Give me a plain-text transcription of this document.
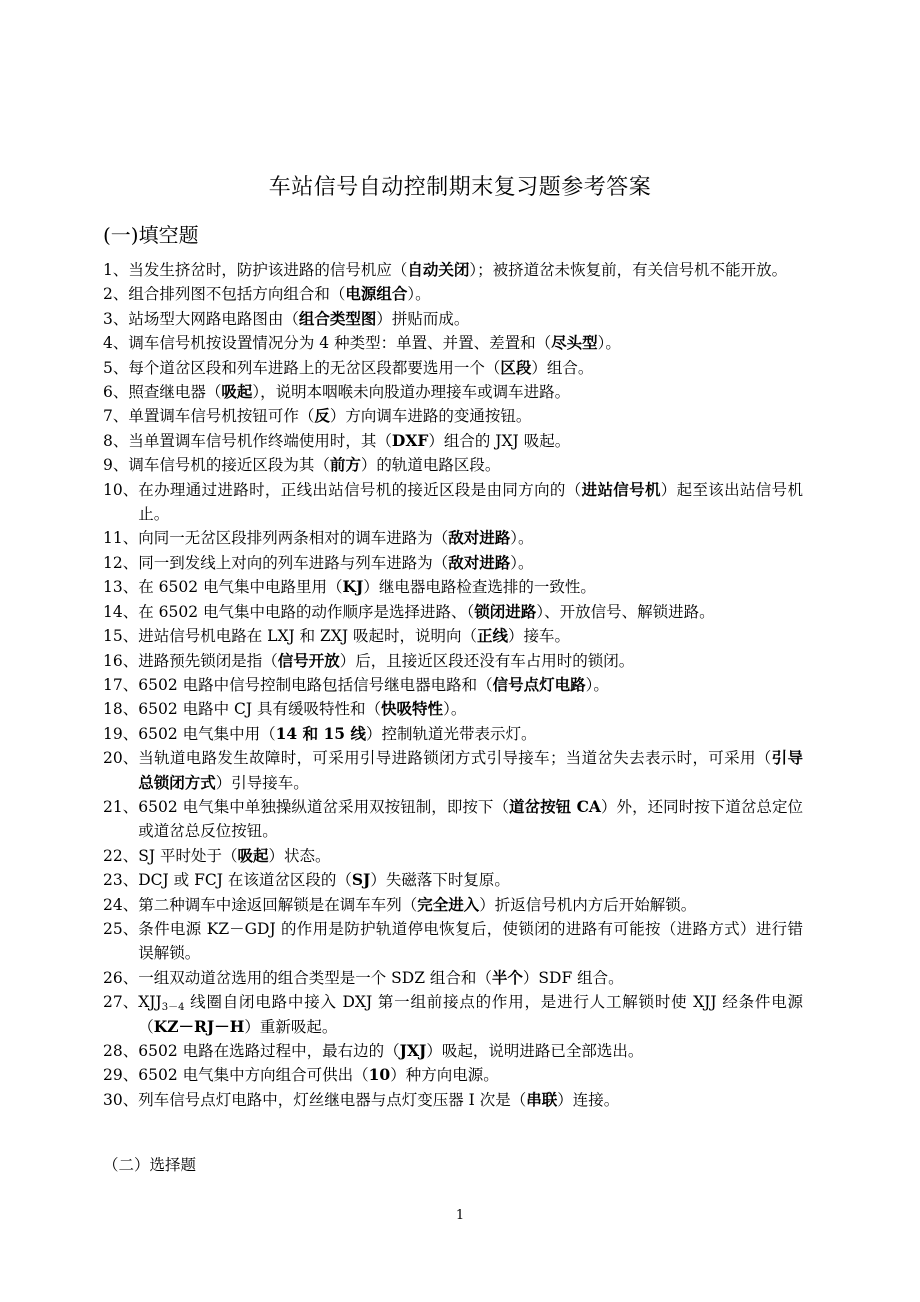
车站信号自动控制期末复习题参考答案
(一)填空题
1、 当发生挤岔时，防护该进路的信号机应（自动关闭）；被挤道岔未恢复前，有关信号机不能开放。
2、 组合排列图不包括方向组合和（电源组合）。
3、 站场型大网路电路图由（组合类型图）拼贴而成。
4、 调车信号机按设置情况分为 4 种类型：单置、并置、差置和（尽头型）。
5、 每个道岔区段和列车进路上的无岔区段都要选用一个（区段）组合。
6、 照查继电器（吸起），说明本咽喉未向股道办理接车或调车进路。
7、 单置调车信号机按钮可作（反）方向调车进路的变通按钮。
8、 当单置调车信号机作终端使用时，其（DXF）组合的 JXJ 吸起。
9、 调车信号机的接近区段为其（前方）的轨道电路区段。
10、 在办理通过进路时，正线出站信号机的接近区段是由同方向的（进站信号机）起至该出站信号机止。
11、 向同一无岔区段排列两条相对的调车进路为（敌对进路）。
12、 同一到发线上对向的列车进路与列车进路为（敌对进路）。
13、 在 6502 电气集中电路里用（KJ）继电器电路检查选排的一致性。
14、 在 6502 电气集中电路的动作顺序是选择进路、（锁闭进路）、开放信号、解锁进路。
15、 进站信号机电路在 LXJ 和 ZXJ 吸起时，说明向（正线）接车。
16、 进路预先锁闭是指（信号开放）后，且接近区段还没有车占用时的锁闭。
17、 6502 电路中信号控制电路包括信号继电器电路和（信号点灯电路）。
18、 6502 电路中 CJ 具有缓吸特性和（快吸特性）。
19、 6502 电气集中用（14 和 15 线）控制轨道光带表示灯。
20、 当轨道电路发生故障时，可采用引导进路锁闭方式引导接车；当道岔失去表示时，可采用（引导总锁闭方式）引导接车。
21、 6502 电气集中单独操纵道岔采用双按钮制，即按下（道岔按钮 CA）外，还同时按下道岔总定位或道岔总反位按钮。
22、 SJ 平时处于（吸起）状态。
23、 DCJ 或 FCJ 在该道岔区段的（SJ）失磁落下时复原。
24、 第二种调车中途返回解锁是在调车车列（完全进入）折返信号机内方后开始解锁。
25、 条件电源 KZ－GDJ 的作用是防护轨道停电恢复后，使锁闭的进路有可能按（进路方式）进行错误解锁。
26、 一组双动道岔选用的组合类型是一个 SDZ 组合和（半个）SDF 组合。
27、 $XJJ_{3-4}$ 线圈自闭电路中接入 DXJ 第一组前接点的作用，是进行人工解锁时使 XJJ 经条件电源（KZ－RJ－H）重新吸起。
28、 6502 电路在选路过程中，最右边的（JXJ）吸起，说明进路已全部选出。
29、 6502 电气集中方向组合可供出（10）种方向电源。
30、 列车信号点灯电路中，灯丝继电器与点灯变压器 I 次是（串联）连接。
（二）选择题
1
